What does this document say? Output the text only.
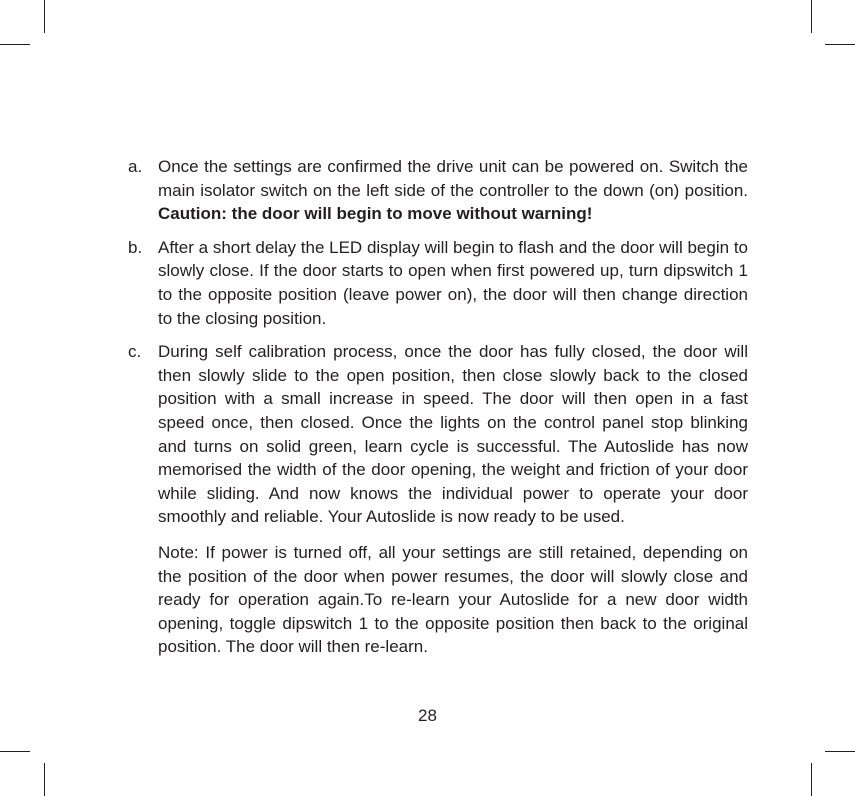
a. Once the settings are confirmed the drive unit can be powered on. Switch the main isolator switch on the left side of the controller to the down (on) position. Caution: the door will begin to move without warning!
b. After a short delay the LED display will begin to flash and the door will begin to slowly close. If the door starts to open when first powered up, turn dipswitch 1 to the opposite position (leave power on), the door will then change direction to the closing position.
c. During self calibration process, once the door has fully closed, the door will then slowly slide to the open position, then close slowly back to the closed position with a small increase in speed. The door will then open in a fast speed once, then closed. Once the lights on the control panel stop blinking and turns on solid green, learn cycle is successful. The Autoslide has now memorised the width of the door opening, the weight and friction of your door while sliding. And now knows the individual power to operate your door smoothly and reliable. Your Autoslide is now ready to be used.
Note: If power is turned off, all your settings are still retained, depending on the position of the door when power resumes, the door will slowly close and ready for operation again.To re-learn your Autoslide for a new door width opening, toggle dipswitch 1 to the opposite position then back to the original position. The door will then re-learn.
28
